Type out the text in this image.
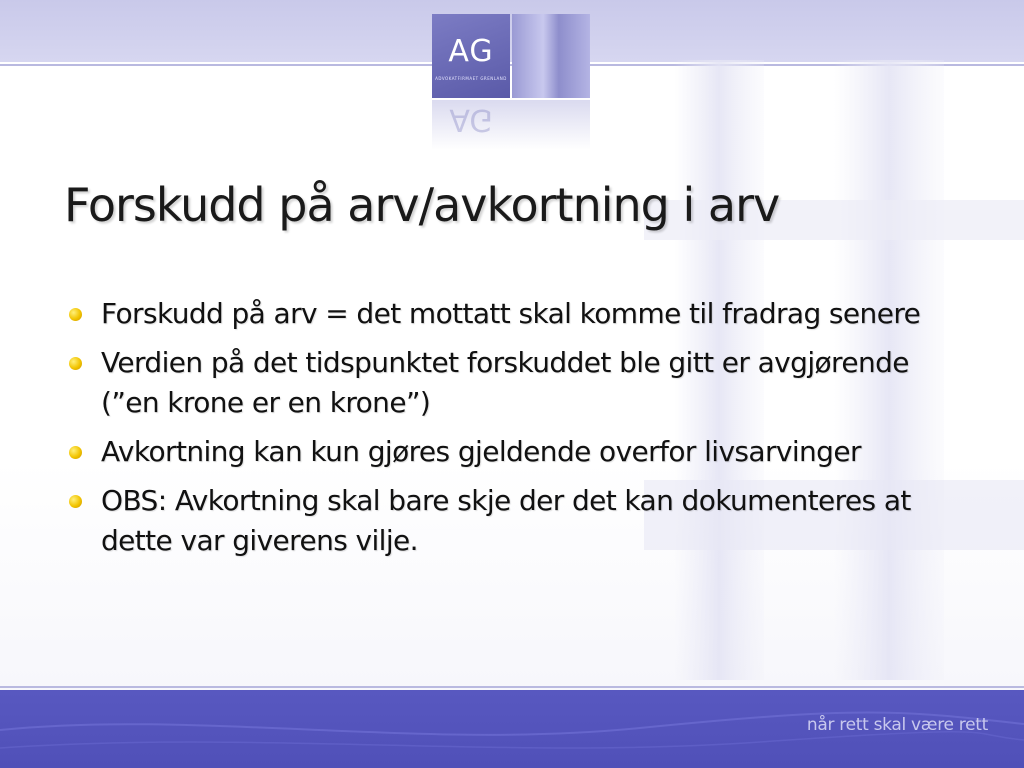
AG
ADVOKATFIRMAET GRENLAND
AG
Forskudd på arv/avkortning i arv
Forskudd på arv = det mottatt skal komme til fradrag senere
Verdien på det tidspunktet forskuddet ble gitt er avgjørende (”en krone er en krone”)
Avkortning kan kun gjøres gjeldende overfor livsarvinger
OBS: Avkortning skal bare skje der det kan dokumenteres at dette var giverens vilje.
når rett skal være rett
